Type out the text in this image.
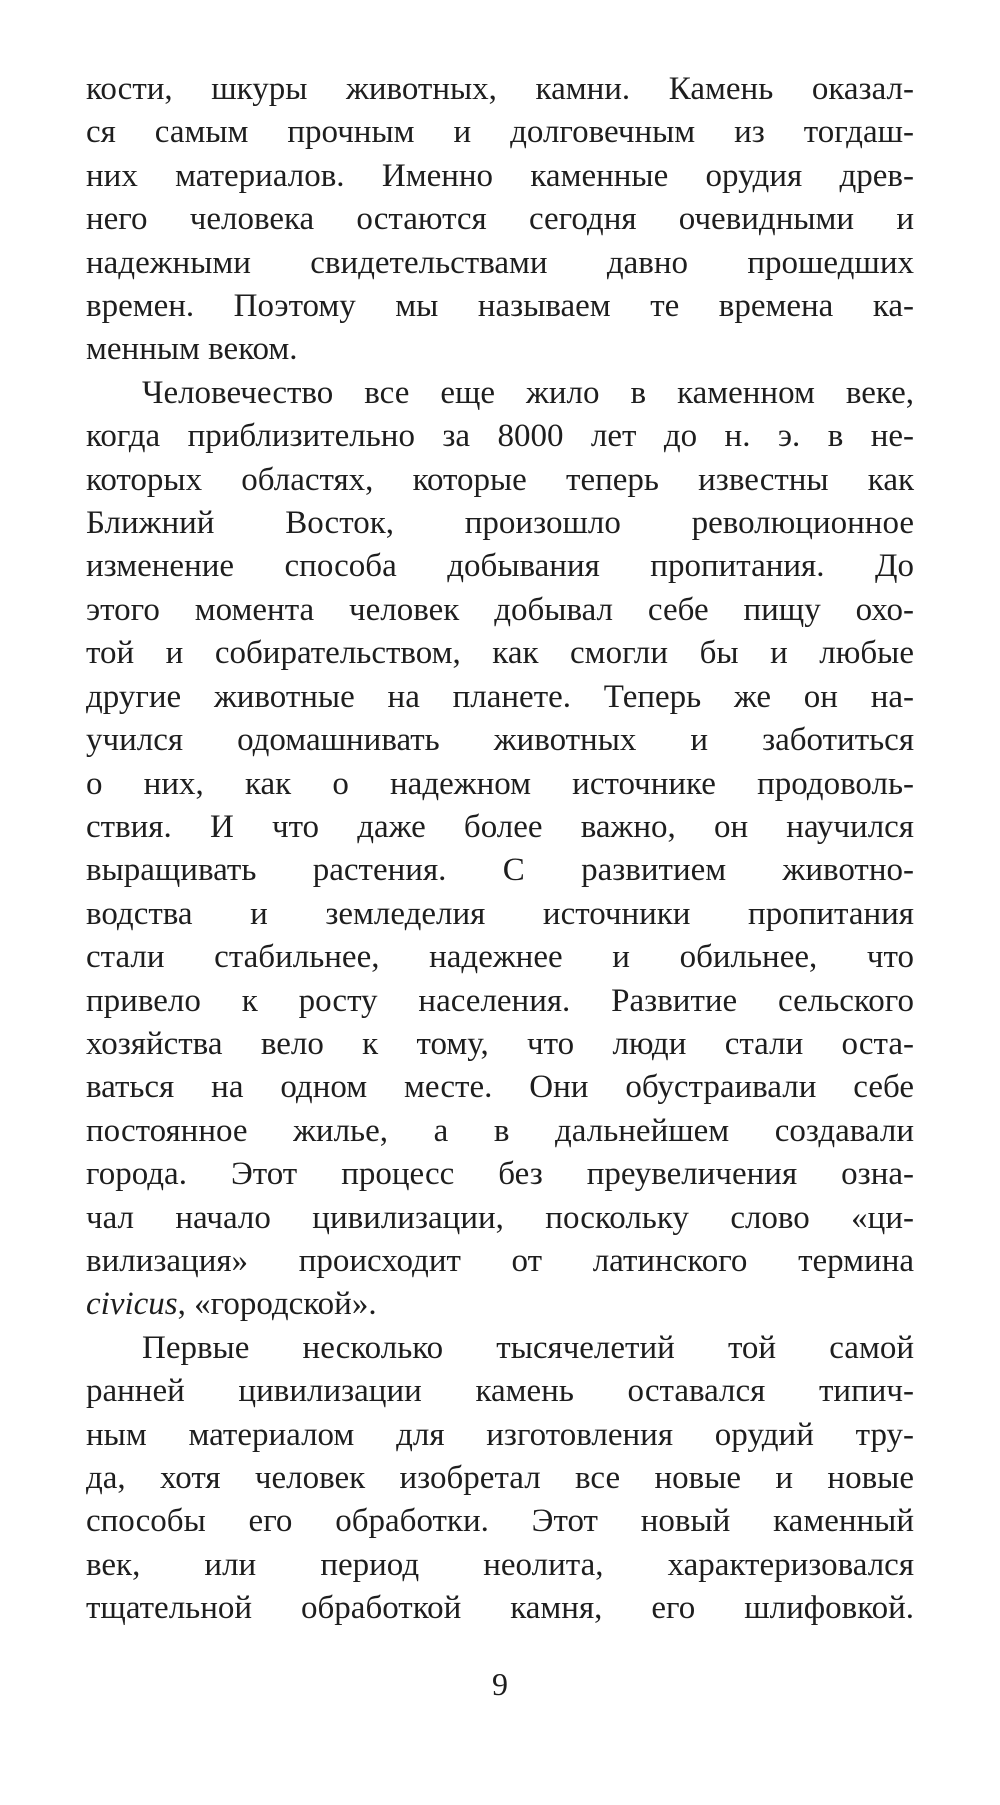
кости, шкуры животных, камни. Камень оказал-
ся самым прочным и долговечным из тогдаш-
них материалов. Именно каменные орудия древ-
него человека остаются сегодня очевидными и
надежными свидетельствами давно прошедших
времен. Поэтому мы называем те времена ка-
менным веком.

Человечество все еще жило в каменном веке,
когда приблизительно за 8000 лет до н. э. в не-
которых областях, которые теперь известны как
Ближний Восток, произошло революционное
изменение способа добывания пропитания. До
этого момента человек добывал себе пищу охо-
той и собирательством, как смогли бы и любые
другие животные на планете. Теперь же он на-
учился одомашнивать животных и заботиться
о них, как о надежном источнике продоволь-
ствия. И что даже более важно, он научился
выращивать растения. С развитием животно-
водства и земледелия источники пропитания
стали стабильнее, надежнее и обильнее, что
привело к росту населения. Развитие сельского
хозяйства вело к тому, что люди стали оста-
ваться на одном месте. Они обустраивали себе
постоянное жилье, а в дальнейшем создавали
города. Этот процесс без преувеличения озна-
чал начало цивилизации, поскольку слово «ци-
вилизация» происходит от латинского термина
civicus, «городской».

Первые несколько тысячелетий той самой
ранней цивилизации камень оставался типич-
ным материалом для изготовления орудий тру-
да, хотя человек изобретал все новые и новые
способы его обработки. Этот новый каменный
век, или период неолита, характеризовался
тщательной обработкой камня, его шлифовкой.

9
